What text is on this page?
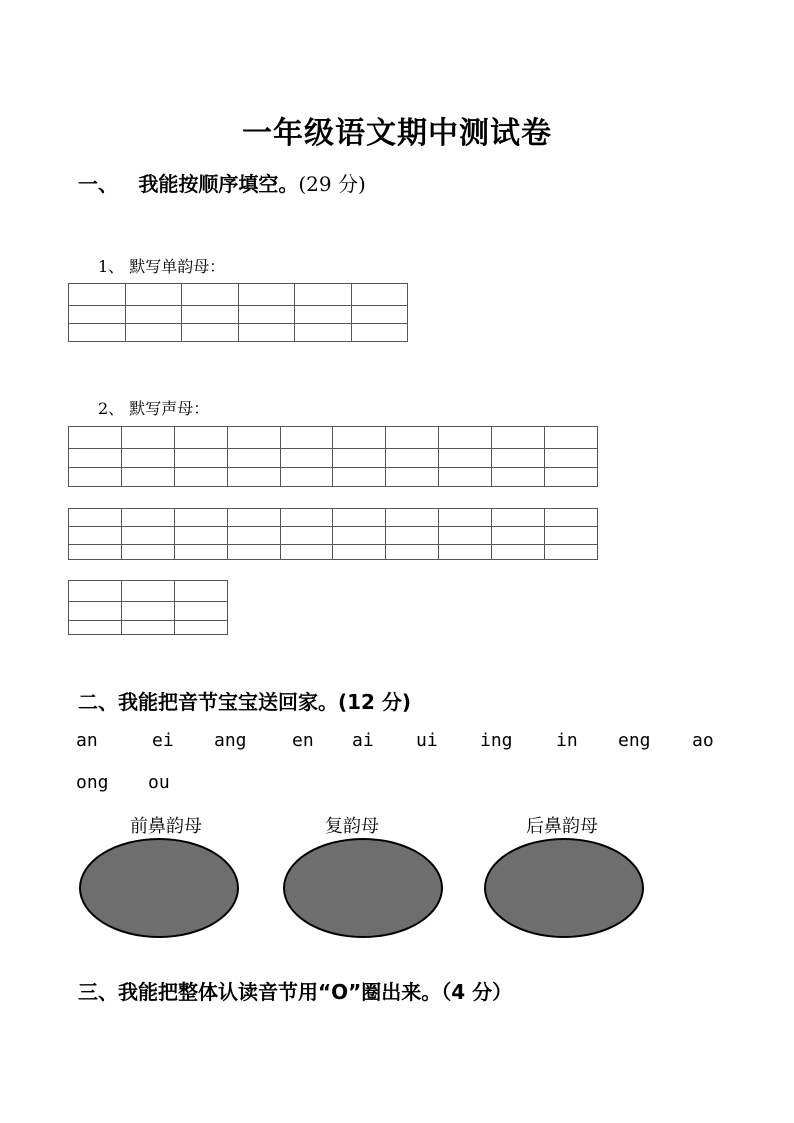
一年级语文期中测试卷
一、 我能按顺序填空。(29 分)
1、 默写单韵母：

2、 默写声母：

二、我能把音节宝宝送回家。(12 分)
an	ei ang	en ai ui ing in eng ao
ong ou
前鼻韵母	复韵母	后鼻韵母
三、我能把整体认读音节用“O”圈出来。（4 分）
